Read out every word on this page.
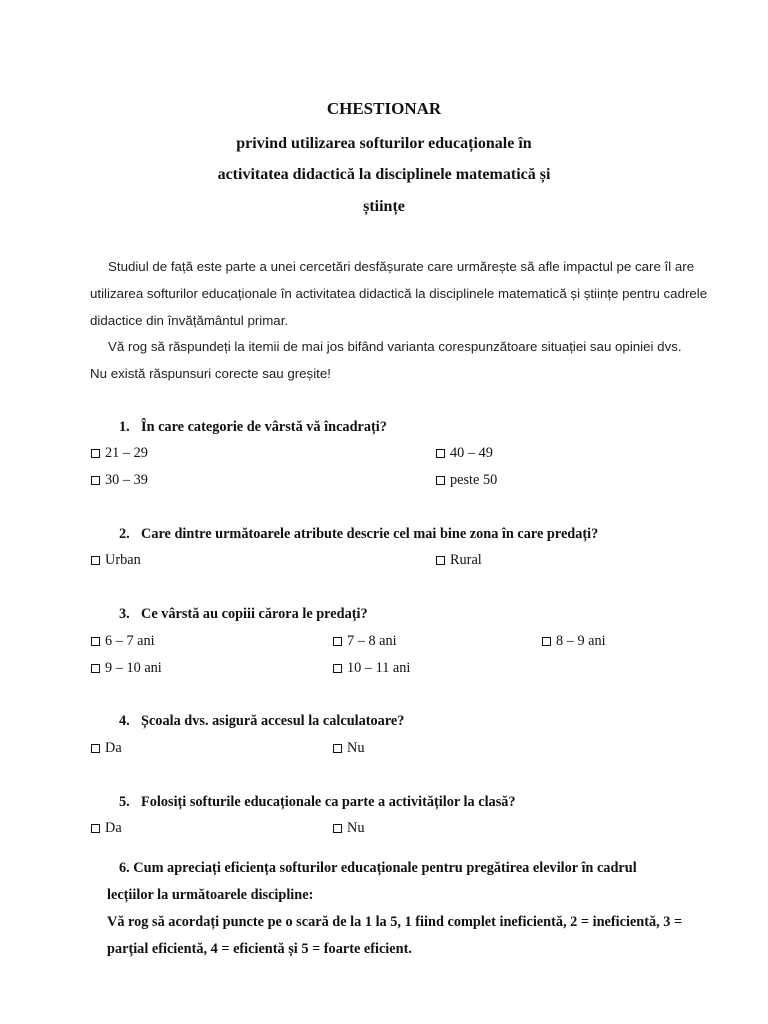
CHESTIONAR
privind utilizarea softurilor educaționale în
activitatea didactică la disciplinele matematică și
științe
Studiul de față este parte a unei cercetări desfășurate care urmărește să afle impactul pe care îl are
utilizarea softurilor educaționale în activitatea didactică la disciplinele matematică și științe pentru cadrele
didactice din învățământul primar.
Vă rog să răspundeți la itemii de mai jos bifând varianta corespunzătoare situației sau opiniei dvs.
Nu există răspunsuri corecte sau greșite!
1. În care categorie de vârstă vă încadrați?
21 – 29	40 – 49
30 – 39	peste 50
2. Care dintre următoarele atribute descrie cel mai bine zona în care predați?
Urban	Rural
3. Ce vârstă au copiii cărora le predați?
6 – 7 ani	7 – 8 ani	8 – 9 ani
9 – 10 ani	10 – 11 ani
4. Școala dvs. asigură accesul la calculatoare?
Da	Nu
5. Folosiți softurile educaționale ca parte a activităților la clasă?
Da	Nu
6. Cum apreciați eficiența softurilor educaționale pentru pregătirea elevilor în cadrul
lecțiilor la următoarele discipline:
Vă rog să acordați puncte pe o scară de la 1 la 5, 1 fiind complet ineficientă, 2 = ineficientă, 3 =
parțial eficientă, 4 = eficientă și 5 = foarte eficient.
